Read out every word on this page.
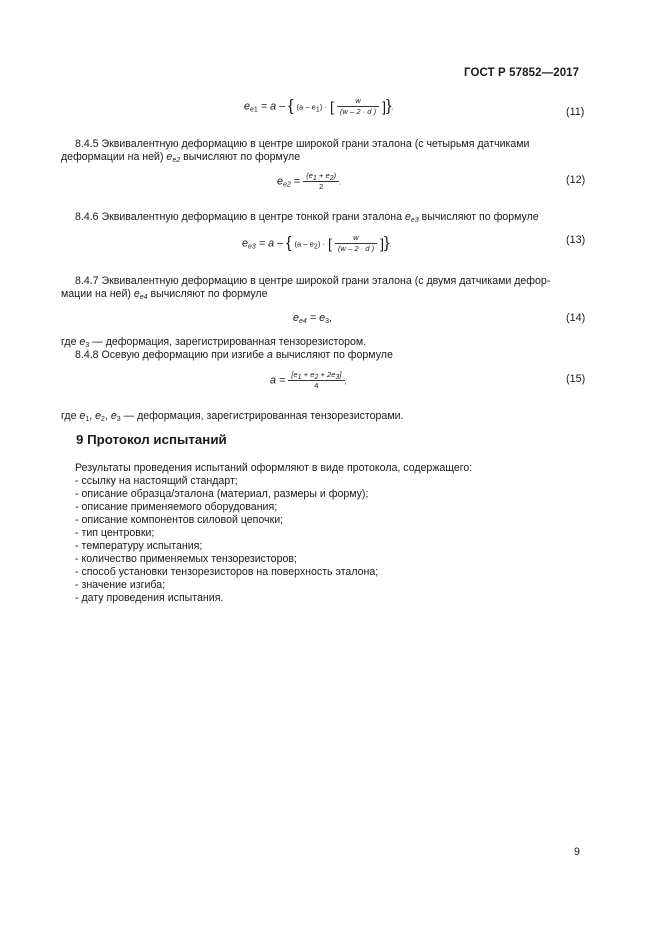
ГОСТ Р 57852—2017
$e_{e1} = a$ – { $(a - e_1)$ · [ $\frac{w}{(w - 2 \cdot d )}$ ]}.	(11)
8.4.5 Эквивалентную деформацию в центре широкой грани эталона (с четырьмя датчиками
деформации на ней) $e_{e2}$ вычисляют по формуле
$e_{e2} = \frac{(e_1 + e_2)}{2}$ .	(12)
8.4.6 Эквивалентную деформацию в центре тонкой грани эталона $e_{e3}$ вычисляют по формуле
$e_{e3} = a$ – { $(a - e_2)$ · [ $\frac{w}{(w - 2 \cdot d )}$ ]}.	(13)
8.4.7 Эквивалентную деформацию в центре широкой грани эталона (с двумя датчиками дефор-
мации на ней) $e_{e4}$ вычисляют по формуле
$e_{e4} = e_3$,	(14)
где $e_3$ — деформация, зарегистрированная тензорезистором.
8.4.8 Осевую деформацию при изгибе a вычисляют по формуле
$a = \frac{[e_1 + e_2 + 2e_3]}{4}$ ,	(15)
где $e_1$, $e_2$, $e_3$ — деформация, зарегистрированная тензорезисторами.
9 Протокол испытаний
Результаты проведения испытаний оформляют в виде протокола, содержащего:
- ссылку на настоящий стандарт;
- описание образца/эталона (материал, размеры и форму);
- описание применяемого оборудования;
- описание компонентов силовой цепочки;
- тип центровки;
- температуру испытания;
- количество применяемых тензорезисторов;
- способ установки тензорезисторов на поверхность эталона;
- значение изгиба;
- дату проведения испытания.
9
